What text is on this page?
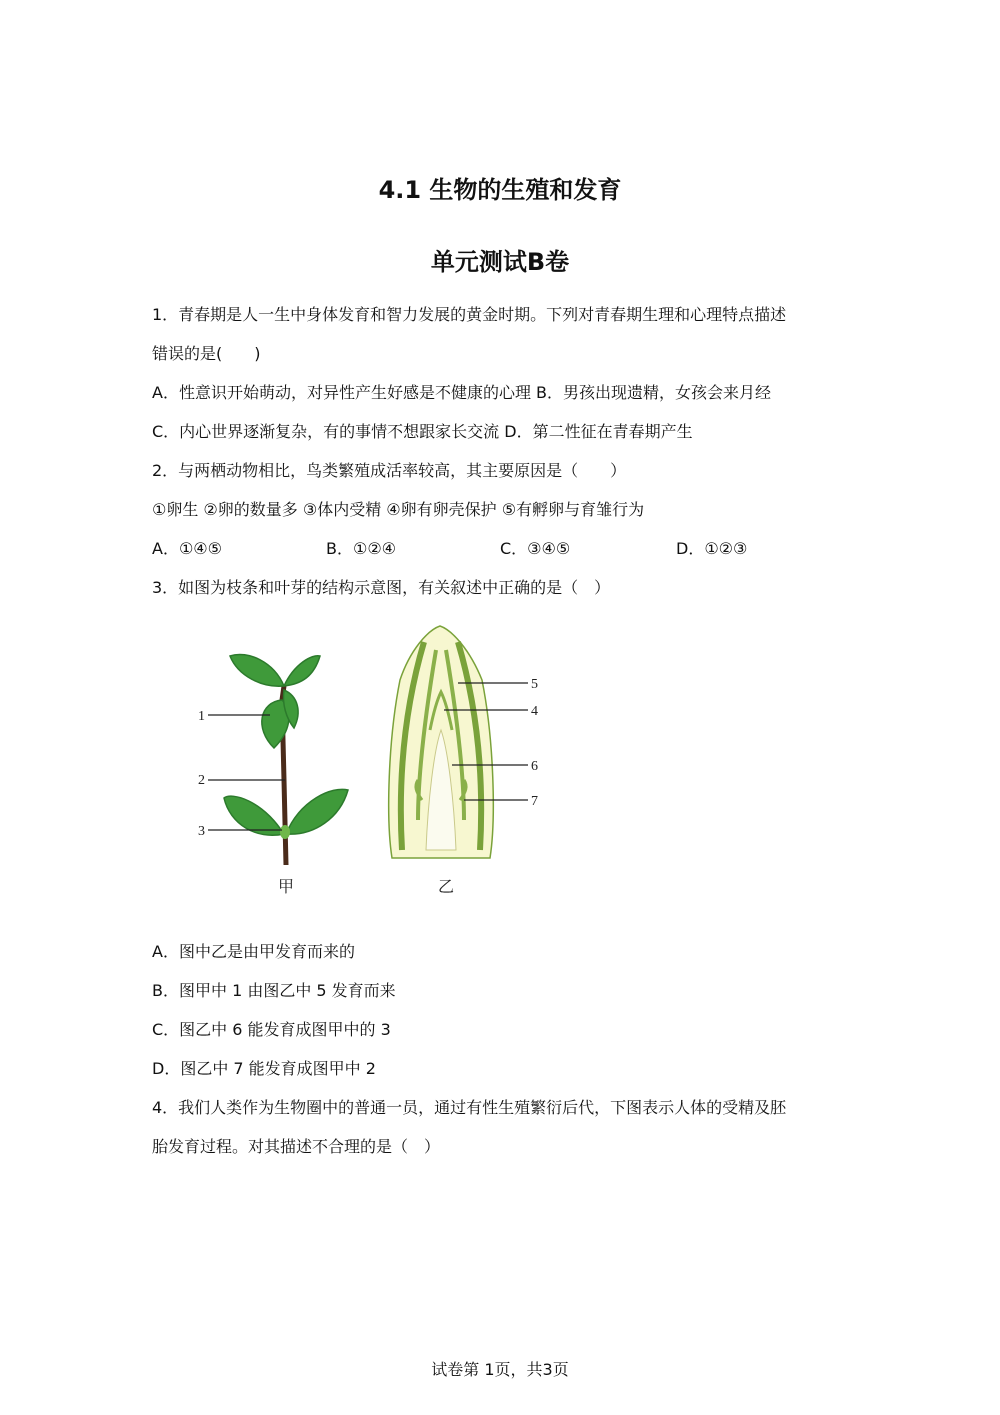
4.1 生物的生殖和发育
单元测试B卷
1．青春期是人一生中身体发育和智力发展的黄金时期。下列对青春期生理和心理特点描述
错误的是(　　)
A．性意识开始萌动，对异性产生好感是不健康的心理 B．男孩出现遗精，女孩会来月经
C．内心世界逐渐复杂，有的事情不想跟家长交流 D．第二性征在青春期产生
2．与两栖动物相比，鸟类繁殖成活率较高，其主要原因是（　　）
①卵生 ②卵的数量多 ③体内受精 ④卵有卵壳保护 ⑤有孵卵与育雏行为
A．①④⑤	B．①②④	C．③④⑤	D．①②③
3．如图为枝条和叶芽的结构示意图，有关叙述中正确的是（　）
1
2
3
甲
5
4
6
7
乙
A．图中乙是由甲发育而来的
B．图甲中 1 由图乙中 5 发育而来
C．图乙中 6 能发育成图甲中的 3
D．图乙中 7 能发育成图甲中 2
4．我们人类作为生物圈中的普通一员，通过有性生殖繁衍后代，下图表示人体的受精及胚
胎发育过程。对其描述不合理的是（　）
试卷第 1页，共3页
